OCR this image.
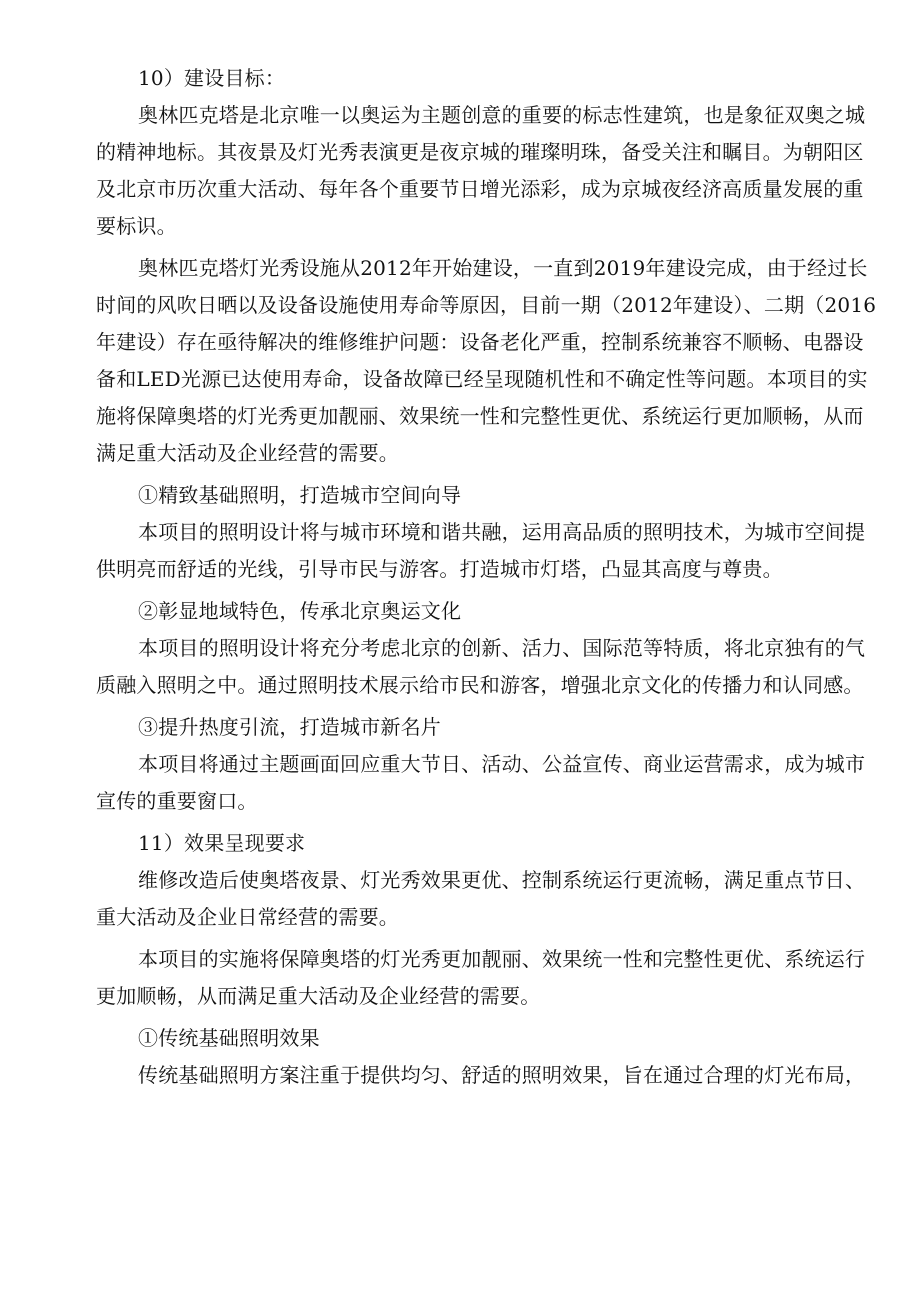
10）建设目标：

奥林匹克塔是北京唯一以奥运为主题创意的重要的标志性建筑，也是象征双奥之城

的精神地标。其夜景及灯光秀表演更是夜京城的璀璨明珠，备受关注和瞩目。为朝阳区

及北京市历次重大活动、每年各个重要节日增光添彩，成为京城夜经济高质量发展的重

要标识。

奥林匹克塔灯光秀设施从2012年开始建设，一直到2019年建设完成，由于经过长

时间的风吹日晒以及设备设施使用寿命等原因，目前一期（2012年建设）、二期（2016

年建设）存在亟待解决的维修维护问题：设备老化严重，控制系统兼容不顺畅、电器设

备和LED光源已达使用寿命，设备故障已经呈现随机性和不确定性等问题。本项目的实

施将保障奥塔的灯光秀更加靓丽、效果统一性和完整性更优、系统运行更加顺畅，从而

满足重大活动及企业经营的需要。

①精致基础照明，打造城市空间向导

本项目的照明设计将与城市环境和谐共融，运用高品质的照明技术，为城市空间提

供明亮而舒适的光线，引导市民与游客。打造城市灯塔，凸显其高度与尊贵。

②彰显地域特色，传承北京奥运文化

本项目的照明设计将充分考虑北京的创新、活力、国际范等特质，将北京独有的气

质融入照明之中。通过照明技术展示给市民和游客，增强北京文化的传播力和认同感。

③提升热度引流，打造城市新名片

本项目将通过主题画面回应重大节日、活动、公益宣传、商业运营需求，成为城市

宣传的重要窗口。

11）效果呈现要求

维修改造后使奥塔夜景、灯光秀效果更优、控制系统运行更流畅，满足重点节日、

重大活动及企业日常经营的需要。

本项目的实施将保障奥塔的灯光秀更加靓丽、效果统一性和完整性更优、系统运行

更加顺畅，从而满足重大活动及企业经营的需要。

①传统基础照明效果

传统基础照明方案注重于提供均匀、舒适的照明效果，旨在通过合理的灯光布局，
